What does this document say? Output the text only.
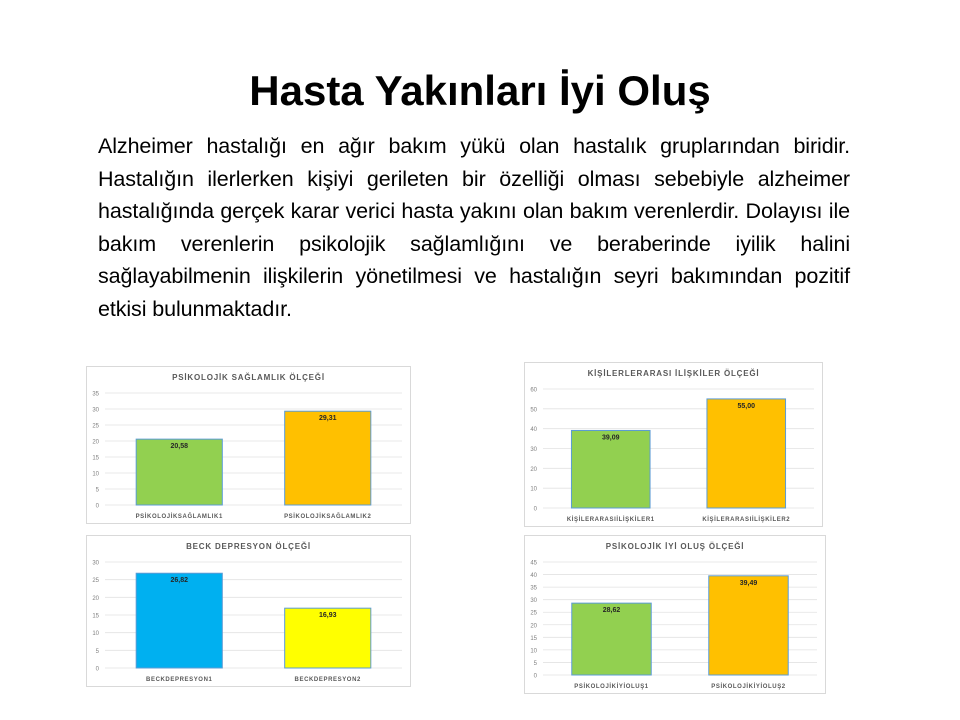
Hasta Yakınları İyi Oluş

Alzheimer hastalığı en ağır bakım yükü olan hastalık gruplarından biridir. Hastalığın ilerlerken kişiyi gerileten bir özelliği olması sebebiyle alzheimer hastalığında gerçek karar verici hasta yakını olan bakım verenlerdir. Dolayısı ile bakım verenlerin psikolojik sağlamlığını ve beraberinde iyilik halini sağlayabilmenin ilişkilerin yönetilmesi ve hastalığın seyri bakımından pozitif etkisi bulunmaktadır.

PSİKOLOJİK SAĞLAMLIK ÖLÇEĞİ
0
5
10
15
20
25
30
35
20,58
PSİKOLOJİKSAĞLAMLIK1
29,31
PSİKOLOJİKSAĞLAMLIK2
KİŞİLERLERARASI İLİŞKİLER ÖLÇEĞİ
0
10
20
30
40
50
60
39,09
KİŞİLERARASIİLİŞKİLER1
55,00
KİŞİLERARASIİLİŞKİLER2
BECK DEPRESYON ÖLÇEĞİ
0
5
10
15
20
25
30
26,82
BECKDEPRESYON1
16,93
BECKDEPRESYON2
PSİKOLOJİK İYİ OLUŞ ÖLÇEĞİ
0
5
10
15
20
25
30
35
40
45
28,62
PSİKOLOJİKİYİOLUŞ1
39,49
PSİKOLOJİKİYİOLUŞ2
